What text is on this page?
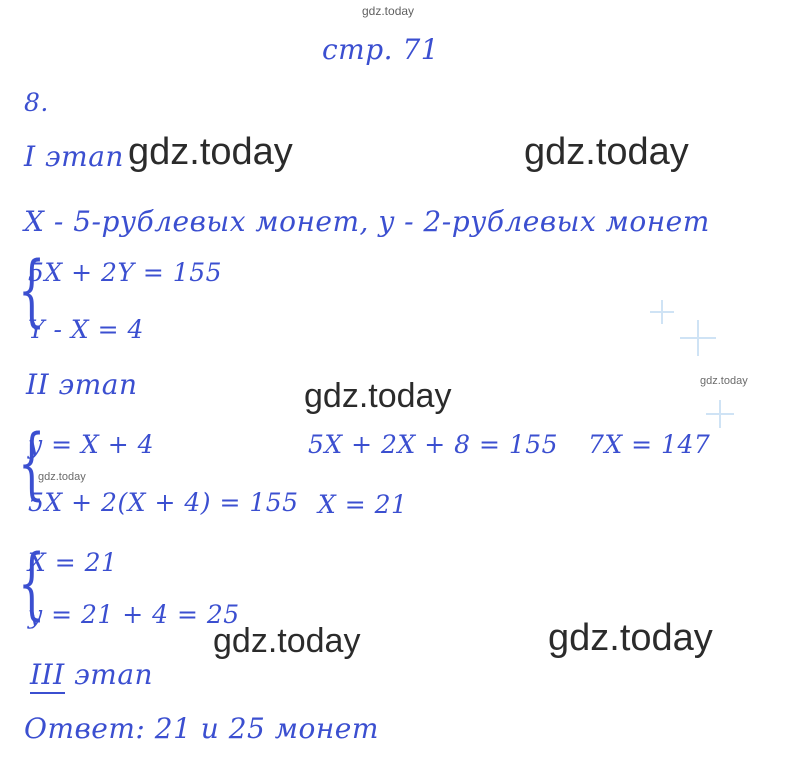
gdz.today
gdz.today	gdz.today
gdz.today	gdz.today
gdz.today
gdz.today	gdz.today
стр. 71
8.
I этап
X - 5-рублевых монет, y - 2-рублевых монет
{
5X + 2Y = 155
Y - X = 4
II этап
{
y = X + 4
5X + 2(X + 4) = 155
5X + 2X + 8 = 155 7X = 147
X = 21
{
X = 21
y = 21 + 4 = 25
III этап
Ответ: 21 и 25 монет
